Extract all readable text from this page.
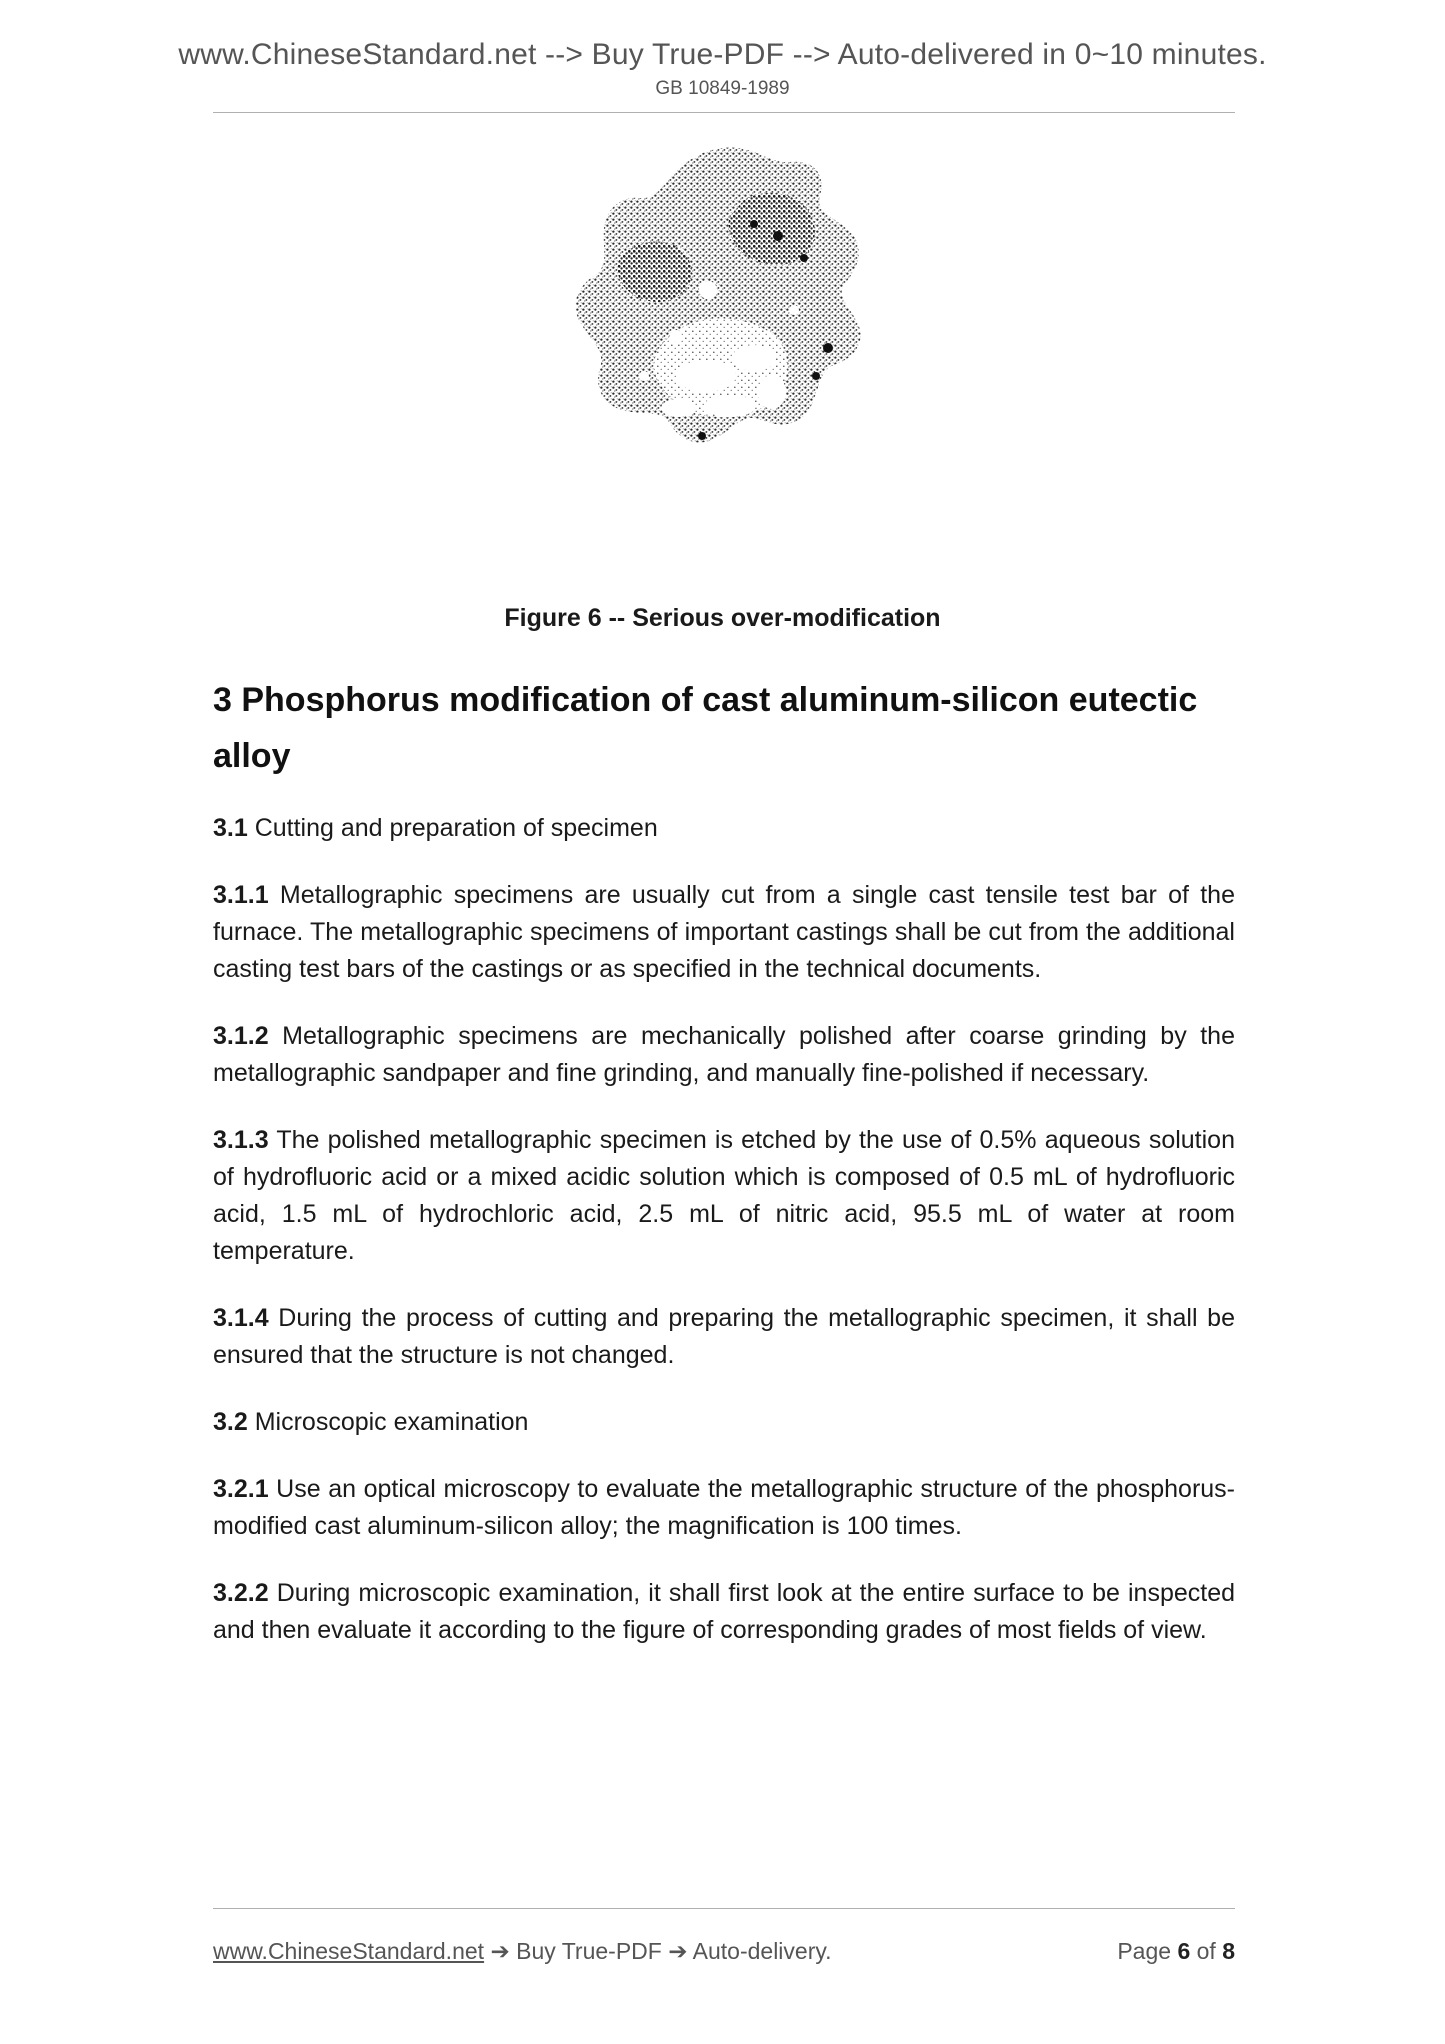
www.ChineseStandard.net --> Buy True-PDF --> Auto-delivered in 0~10 minutes.
GB 10849-1989
Figure 6 -- Serious over-modification
3 Phosphorus modification of cast aluminum-silicon eutectic alloy

3.1 Cutting and preparation of specimen

3.1.1 Metallographic specimens are usually cut from a single cast tensile test bar of the furnace. The metallographic specimens of important castings shall be cut from the additional casting test bars of the castings or as specified in the technical documents.

3.1.2 Metallographic specimens are mechanically polished after coarse grinding by the metallographic sandpaper and fine grinding, and manually fine-polished if necessary.

3.1.3 The polished metallographic specimen is etched by the use of 0.5% aqueous solution of hydrofluoric acid or a mixed acidic solution which is composed of 0.5 mL of hydrofluoric acid, 1.5 mL of hydrochloric acid, 2.5 mL of nitric acid, 95.5 mL of water at room temperature.

3.1.4 During the process of cutting and preparing the metallographic specimen, it shall be ensured that the structure is not changed.

3.2 Microscopic examination

3.2.1 Use an optical microscopy to evaluate the metallographic structure of the phosphorus-modified cast aluminum-silicon alloy; the magnification is 100 times.

3.2.2 During microscopic examination, it shall first look at the entire surface to be inspected and then evaluate it according to the figure of corresponding grades of most fields of view.

www.ChineseStandard.net ➔ Buy True-PDF ➔ Auto-delivery.	Page 6 of 8
